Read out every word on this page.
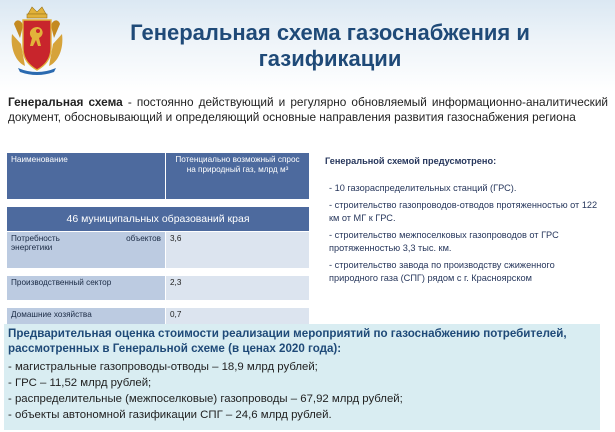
Генеральная схема газоснабжения и
газификации
Генеральная схема - постоянно действующий и регулярно обновляемый информационно-аналитический документ, обосновывающий и определяющий основные направления развития газоснабжения региона
Наименование	Потенциально возможный спрос на природный газ, млрд м³

46 муниципальных образований края	

Потребность объектов
энергетики	3,6

Производственный сектор	2,3

Домашние хозяйства	0,7
Генеральной схемой предусмотрено:
- 10 газораспределительных станций (ГРС).
- строительство газопроводов-отводов протяженностью от 122 км от МГ к ГРС.
- строительство межпоселковых газопроводов от ГРС протяженностью 3,3 тыс. км.
- строительство завода по производству сжиженного природного газа (СПГ) рядом с г. Красноярском
Предварительная оценка стоимости реализации мероприятий по газоснабжению потребителей, рассмотренных в Генеральной схеме (в ценах 2020 года):
- магистральные газопроводы-отводы – 18,9 млрд рублей;
- ГРС – 11,52 млрд рублей;
- распределительные (межпоселковые) газопроводы – 67,92 млрд рублей;
- объекты автономной газификации СПГ – 24,6 млрд рублей.
